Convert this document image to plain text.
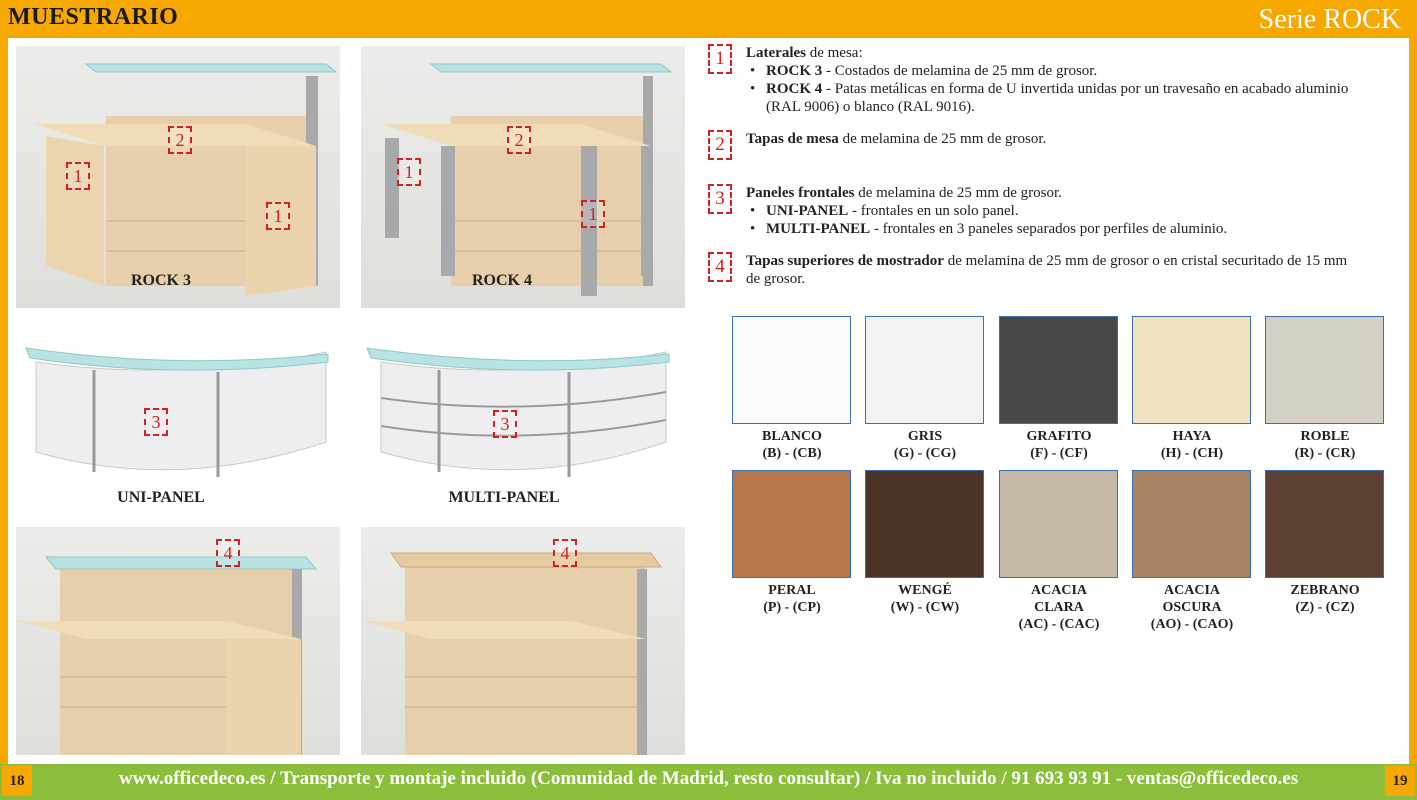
MUESTRARIO	Serie ROCK
2
1
1
ROCK 3
2
1
1
ROCK 4
3
UNI-PANEL
3
MULTI-PANEL
4	4
1	Laterales de mesa:
• ROCK 3 - Costados de melamina de 25 mm de grosor.
• ROCK 4 - Patas metálicas en forma de U invertida unidas por un travesaño en acabado aluminio (RAL 9006) o blanco (RAL 9016).
2	Tapas de mesa de melamina de 25 mm de grosor.
3	Paneles frontales de melamina de 25 mm de grosor.
• UNI-PANEL - frontales en un solo panel.
• MULTI-PANEL - frontales en 3 paneles separados por perfiles de aluminio.
4	Tapas superiores de mostrador de melamina de 25 mm de grosor o en cristal securitado de 15 mm de grosor.
BLANCO
(B) - (CB)
GRIS
(G) - (CG)
GRAFITO
(F) - (CF)
HAYA
(H) - (CH)
ROBLE
(R) - (CR)
PERAL
(P) - (CP)
WENGÉ
(W) - (CW)
ACACIA
CLARA
(AC) - (CAC)
ACACIA
OSCURA
(AO) - (CAO)
ZEBRANO
(Z) - (CZ)
18	19
www.officedeco.es / Transporte y montaje incluido (Comunidad de Madrid, resto consultar) / Iva no incluido / 91 693 93 91 - ventas@officedeco.es
